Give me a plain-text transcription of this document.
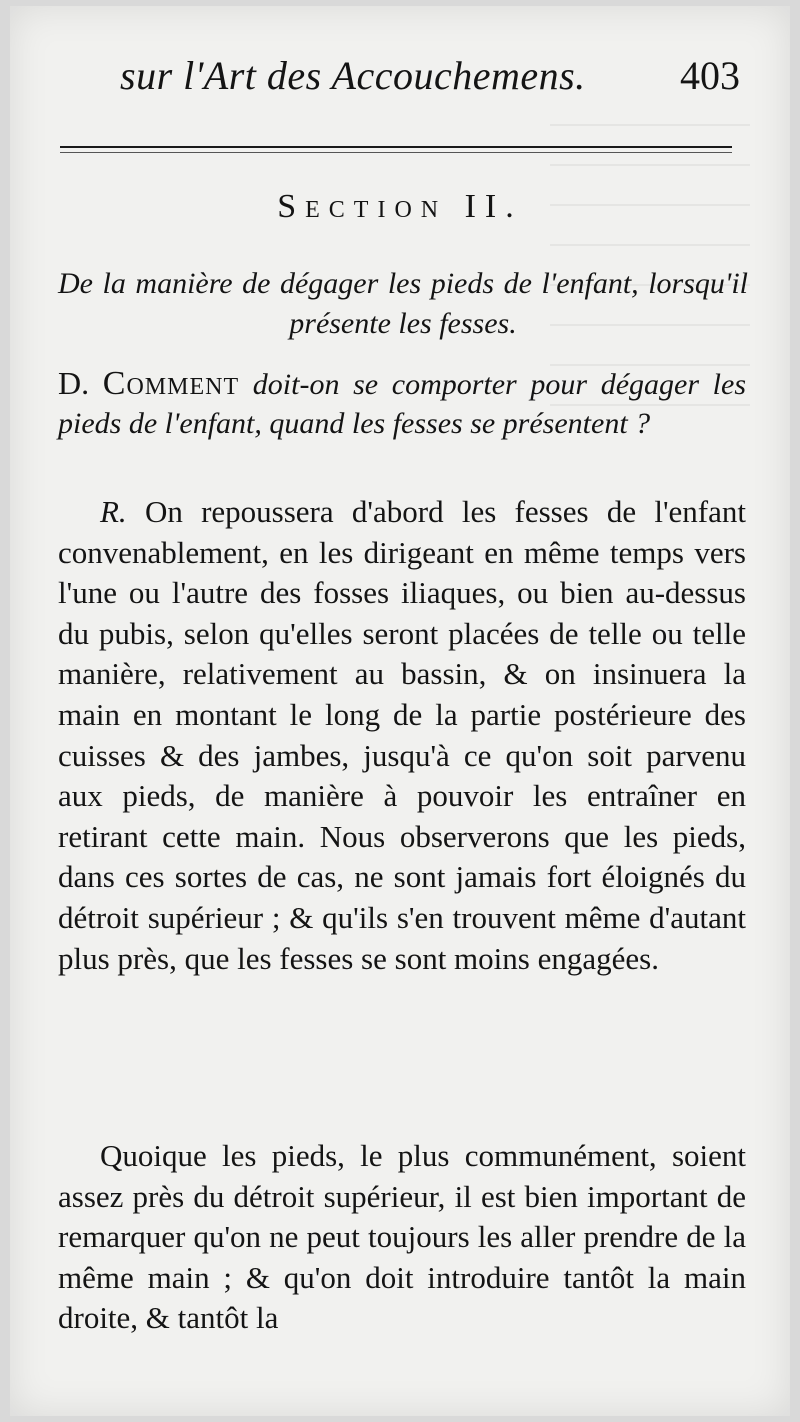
sur l'Art des Accouchemens. 403
Section II.
De la manière de dégager les pieds de l'enfant, lorsqu'il présente les fesses.
D. Comment doit-on se comporter pour dégager les pieds de l'enfant, quand les fesses se présentent ?
R. On repoussera d'abord les fesses de l'enfant convenablement, en les dirigeant en même temps vers l'une ou l'autre des fosses iliaques, ou bien au-dessus du pubis, selon qu'elles seront placées de telle ou telle manière, relativement au bassin, & on insinuera la main en montant le long de la partie postérieure des cuisses & des jambes, jusqu'à ce qu'on soit parvenu aux pieds, de manière à pouvoir les entraîner en retirant cette main. Nous observerons que les pieds, dans ces sortes de cas, ne sont jamais fort éloignés du détroit supérieur ; & qu'ils s'en trouvent même d'autant plus près, que les fesses se sont moins engagées.
Quoique les pieds, le plus communément, soient assez près du détroit supérieur, il est bien important de remarquer qu'on ne peut toujours les aller prendre de la même main ; & qu'on doit introduire tantôt la main droite, & tantôt la
